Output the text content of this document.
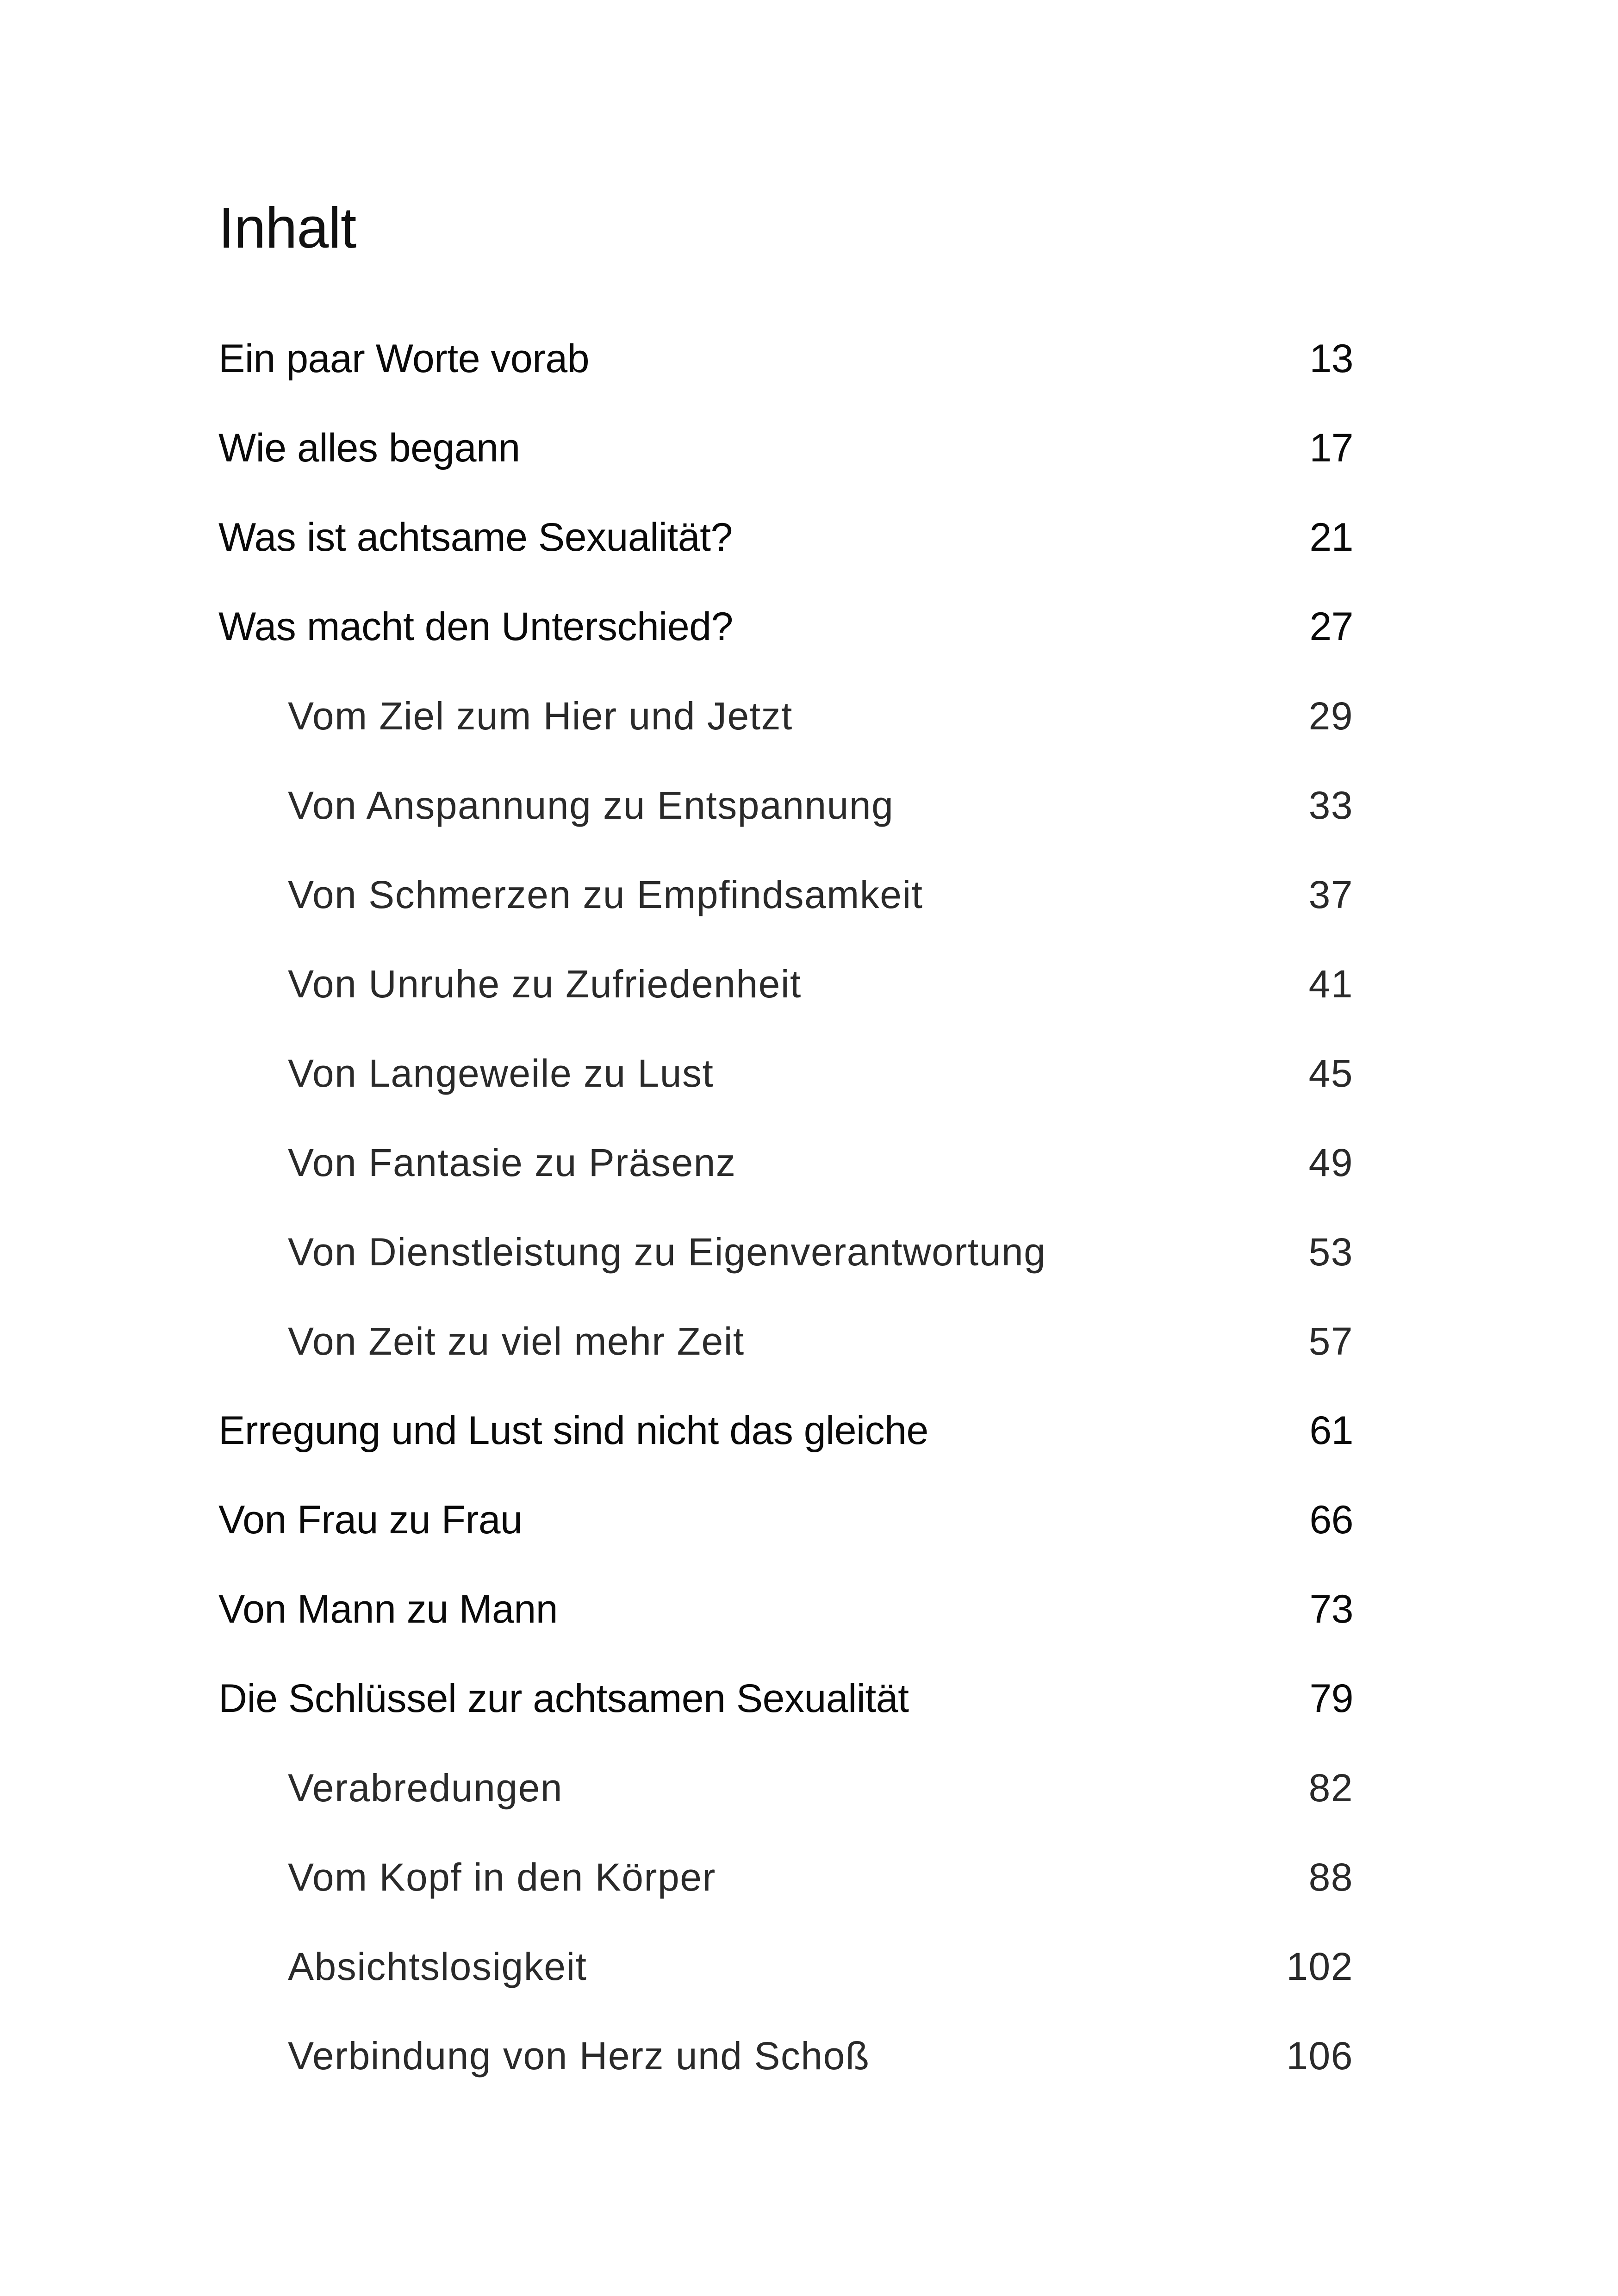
Inhalt
Ein paar Worte vorab	13
Wie alles begann	17
Was ist achtsame Sexualität?	21
Was macht den Unterschied?	27
Vom Ziel zum Hier und Jetzt	29
Von Anspannung zu Entspannung	33
Von Schmerzen zu Empfindsamkeit	37
Von Unruhe zu Zufriedenheit	41
Von Langeweile zu Lust	45
Von Fantasie zu Präsenz	49
Von Dienstleistung zu Eigenverantwortung	53
Von Zeit zu viel mehr Zeit	57
Erregung und Lust sind nicht das gleiche	61
Von Frau zu Frau	66
Von Mann zu Mann	73
Die Schlüssel zur achtsamen Sexualität	79
Verabredungen	82
Vom Kopf in den Körper	88
Absichtslosigkeit	102
Verbindung von Herz und Schoß	106
